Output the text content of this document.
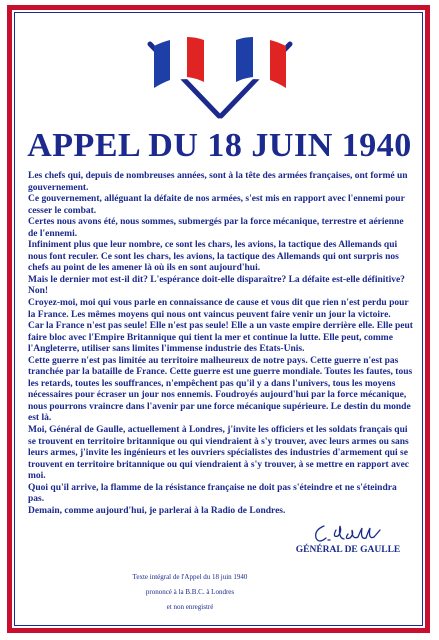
APPEL DU 18 JUIN 1940

Les chefs qui, depuis de nombreuses années, sont à la tête des armées françaises, ont formé un gouvernement.

Ce gouvernement, alléguant la défaite de nos armées, s'est mis en rapport avec l'ennemi pour cesser le combat.

Certes nous avons été, nous sommes, submergés par la force mécanique, terrestre et aérienne de l'ennemi.

Infiniment plus que leur nombre, ce sont les chars, les avions, la tactique des Allemands qui nous font reculer. Ce sont les chars, les avions, la tactique des Allemands qui ont surpris nos chefs au point de les amener là où ils en sont aujourd'hui.

Mais le dernier mot est-il dit? L'espérance doit-elle disparaître? La défaite est-elle définitive? Non!

Croyez-moi, moi qui vous parle en connaissance de cause et vous dit que rien n'est perdu pour la France. Les mêmes moyens qui nous ont vaincus peuvent faire venir un jour la victoire.

Car la France n'est pas seule! Elle n'est pas seule! Elle a un vaste empire derrière elle. Elle peut faire bloc avec l'Empire Britannique qui tient la mer et continue la lutte. Elle peut, comme l'Angleterre, utiliser sans limites l'immense industrie des Etats-Unis.

Cette guerre n'est pas limitée au territoire malheureux de notre pays. Cette guerre n'est pas tranchée par la bataille de France. Cette guerre est une guerre mondiale. Toutes les fautes, tous les retards, toutes les souffrances, n'empêchent pas qu'il y a dans l'univers, tous les moyens nécessaires pour écraser un jour nos ennemis. Foudroyés aujourd'hui par la force mécanique, nous pourrons vraincre dans l'avenir par une force mécanique supérieure. Le destin du monde est là.

Moi, Général de Gaulle, actuellement à Londres, j'invite les officiers et les soldats français qui se trouvent en territoire britannique ou qui viendraient à s'y trouver, avec leurs armes ou sans leurs armes, j'invite les ingénieurs et les ouvriers spécialistes des industries d'armement qui se trouvent en territoire britannique ou qui viendraient à s'y trouver, à se mettre en rapport avec moi.

Quoi qu'il arrive, la flamme de la résistance française ne doit pas s'éteindre et ne s'éteindra pas.

Demain, comme aujourd'hui, je parlerai à la Radio de Londres.

GÉNÉRAL DE GAULLE
Texte intégral de l'Appel du 18 juin 1940
prononcé à la B.B.C. à Londres
et non enregistré
